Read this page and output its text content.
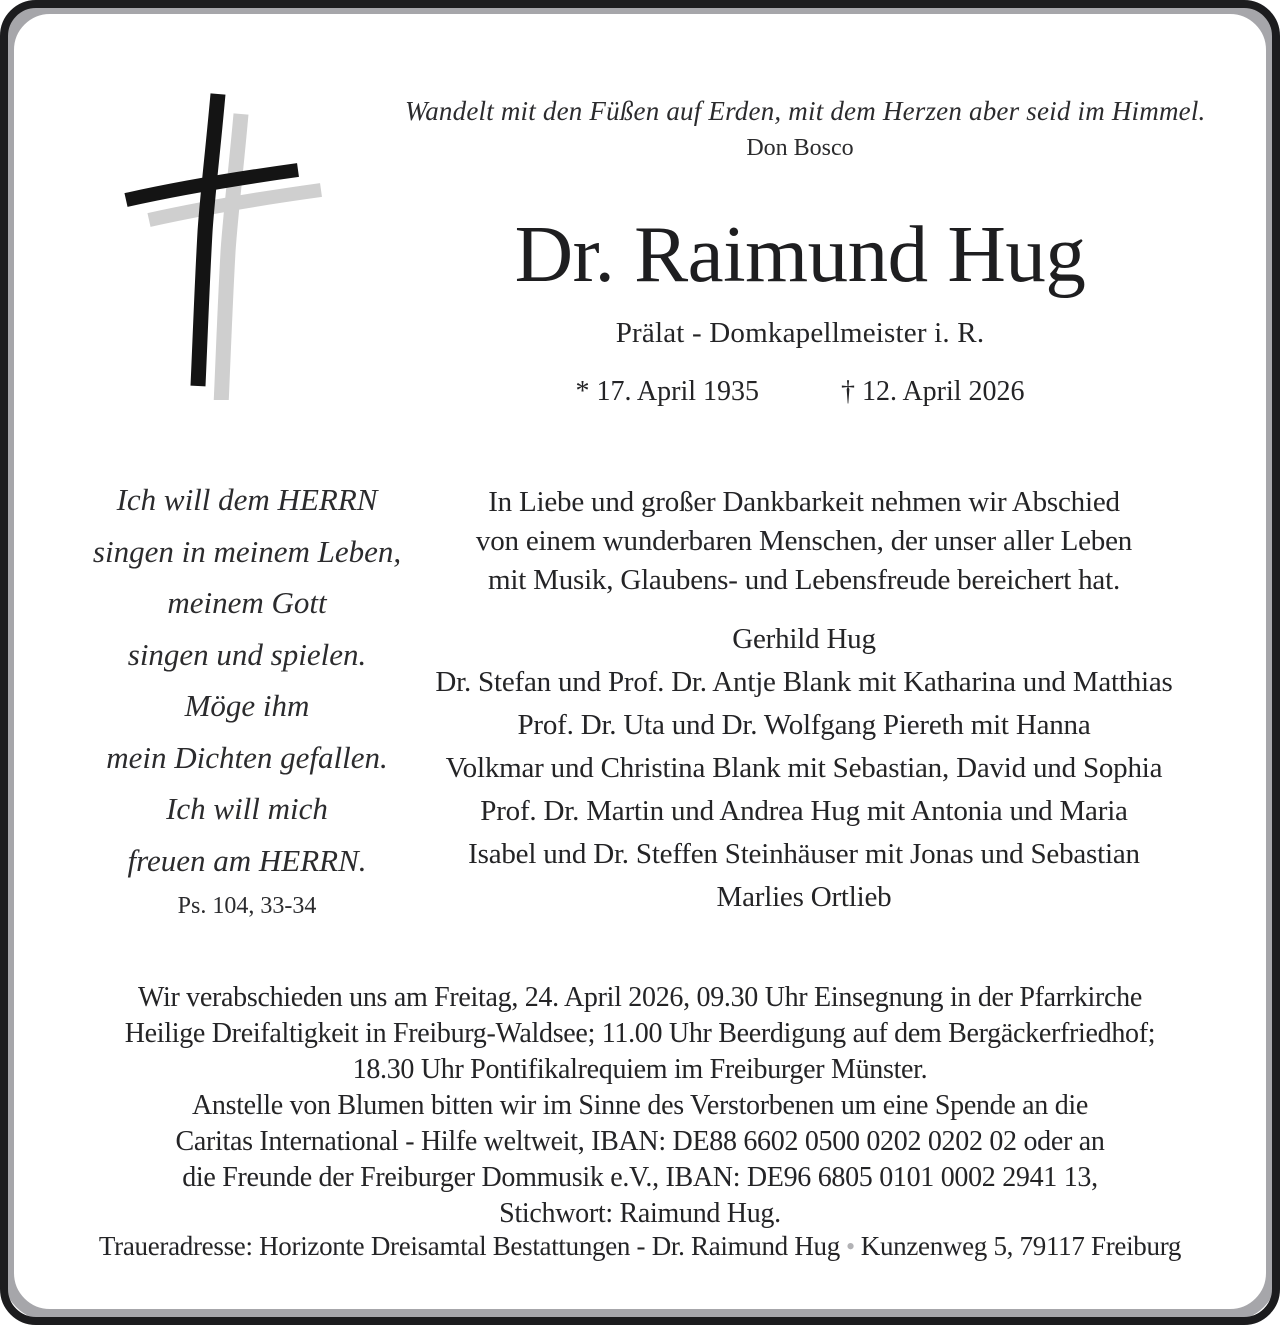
Wandelt mit den Füßen auf Erden, mit dem Herzen aber seid im Himmel.
Don Bosco
Dr. Raimund Hug
Prälat - Domkapellmeister i. R.
* 17. April 1935	† 12. April 2026
Ich will dem HERRN
singen in meinem Leben,
meinem Gott
singen und spielen.
Möge ihm
mein Dichten gefallen.
Ich will mich
freuen am HERRN.
Ps. 104, 33-34
In Liebe und großer Dankbarkeit nehmen wir Abschied
von einem wunderbaren Menschen, der unser aller Leben
mit Musik, Glaubens- und Lebensfreude bereichert hat.
Gerhild Hug
Dr. Stefan und Prof. Dr. Antje Blank mit Katharina und Matthias
Prof. Dr. Uta und Dr. Wolfgang Piereth mit Hanna
Volkmar und Christina Blank mit Sebastian, David und Sophia
Prof. Dr. Martin und Andrea Hug mit Antonia und Maria
Isabel und Dr. Steffen Steinhäuser mit Jonas und Sebastian
Marlies Ortlieb
Wir verabschieden uns am Freitag, 24. April 2026, 09.30 Uhr Einsegnung in der Pfarrkirche
Heilige Dreifaltigkeit in Freiburg-Waldsee; 11.00 Uhr Beerdigung auf dem Bergäckerfriedhof;
18.30 Uhr Pontifikalrequiem im Freiburger Münster.
Anstelle von Blumen bitten wir im Sinne des Verstorbenen um eine Spende an die
Caritas International - Hilfe weltweit, IBAN: DE88 6602 0500 0202 0202 02 oder an
die Freunde der Freiburger Dommusik e.V., IBAN: DE96 6805 0101 0002 2941 13,
Stichwort: Raimund Hug.
Traueradresse: Horizonte Dreisamtal Bestattungen - Dr. Raimund Hug • Kunzenweg 5, 79117 Freiburg
